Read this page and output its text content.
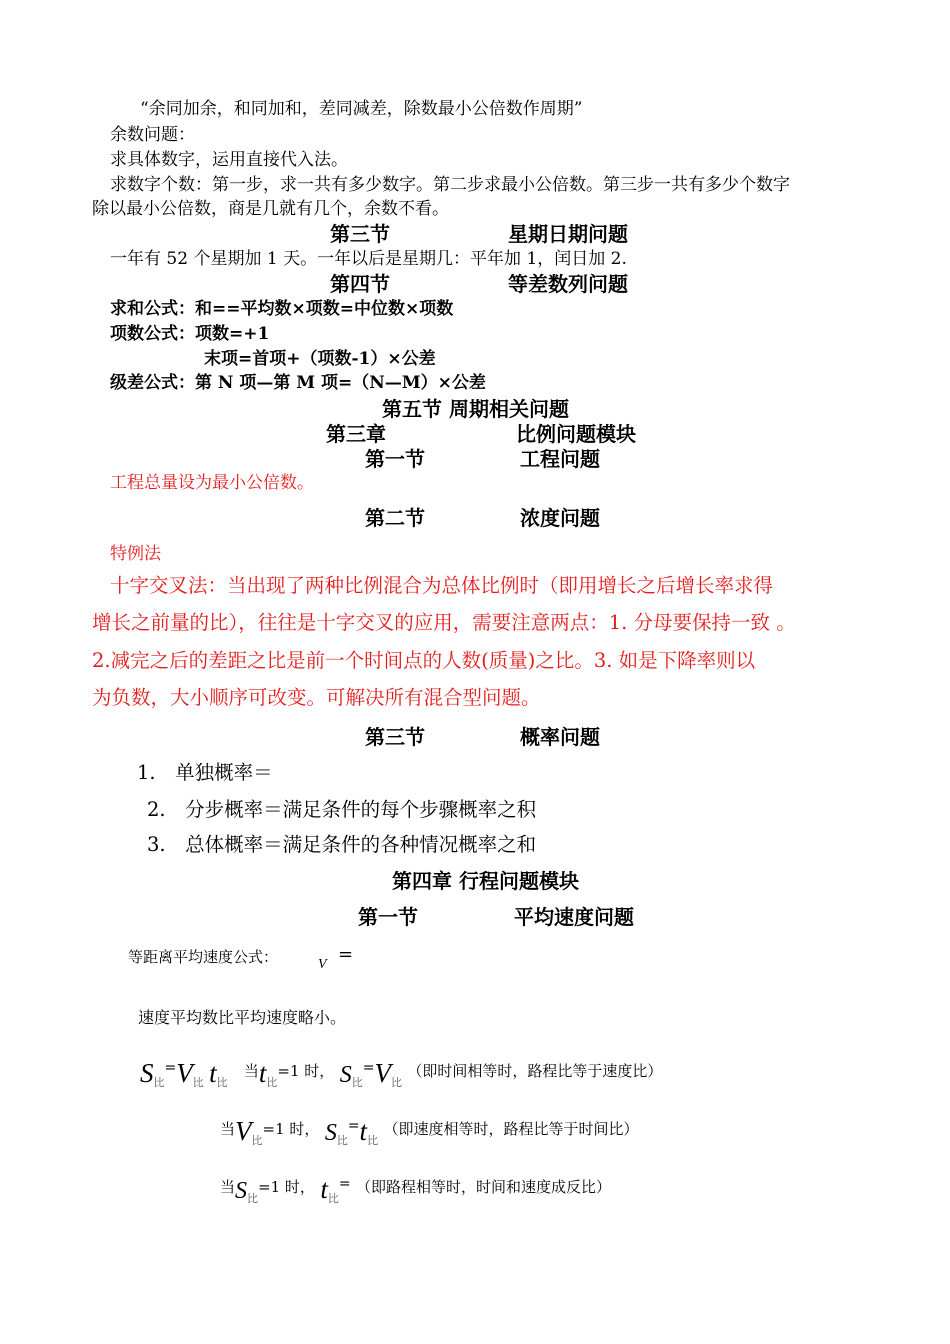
“余同加余，和同加和，差同减差，除数最小公倍数作周期”
余数问题：
求具体数字，运用直接代入法。
求数字个数：第一步，求一共有多少数字。第二步求最小公倍数。第三步一共有多少个数字
除以最小公倍数，商是几就有几个，余数不看。
第三节	星期日期问题
一年有 52 个星期加 1 天。一年以后是星期几：平年加 1，闰日加 2.
第四节	等差数列问题
求和公式：和==平均数×项数=中位数×项数
项数公式：项数=+1
末项=首项+（项数-1）×公差
级差公式：第 N 项—第 M 项=（N—M）×公差
第五节 周期相关问题
第三章	比例问题模块
第一节	工程问题
工程总量设为最小公倍数。
第二节	浓度问题
特例法
十字交叉法：当出现了两种比例混合为总体比例时（即用增长之后增长率求得
增长之前量的比），往往是十字交叉的应用，需要注意两点：1. 分母要保持一致 。
2.减完之后的差距之比是前一个时间点的人数(质量)之比。3. 如是下降率则以
为负数，大小顺序可改变。可解决所有混合型问题。
第三节	概率问题
1.　单独概率＝
2.　分步概率＝满足条件的每个步骤概率之积
3.　总体概率＝满足条件的各种情况概率之和
第四章 行程问题模块
第一节	平均速度问题
等距离平均速度公式：	V =
速度平均数比平均速度略小。
$S_比^=V_比$ $t_比$   当$t_比=1$ 时， $S_比^=V_比$ （即时间相等时，路程比等于速度比）
当$V_比=1$ 时， $S_比^=t_比$ （即速度相等时，路程比等于时间比）
当$S_比=1$ 时， $t_比^=$ （即路程相等时，时间和速度成反比）
